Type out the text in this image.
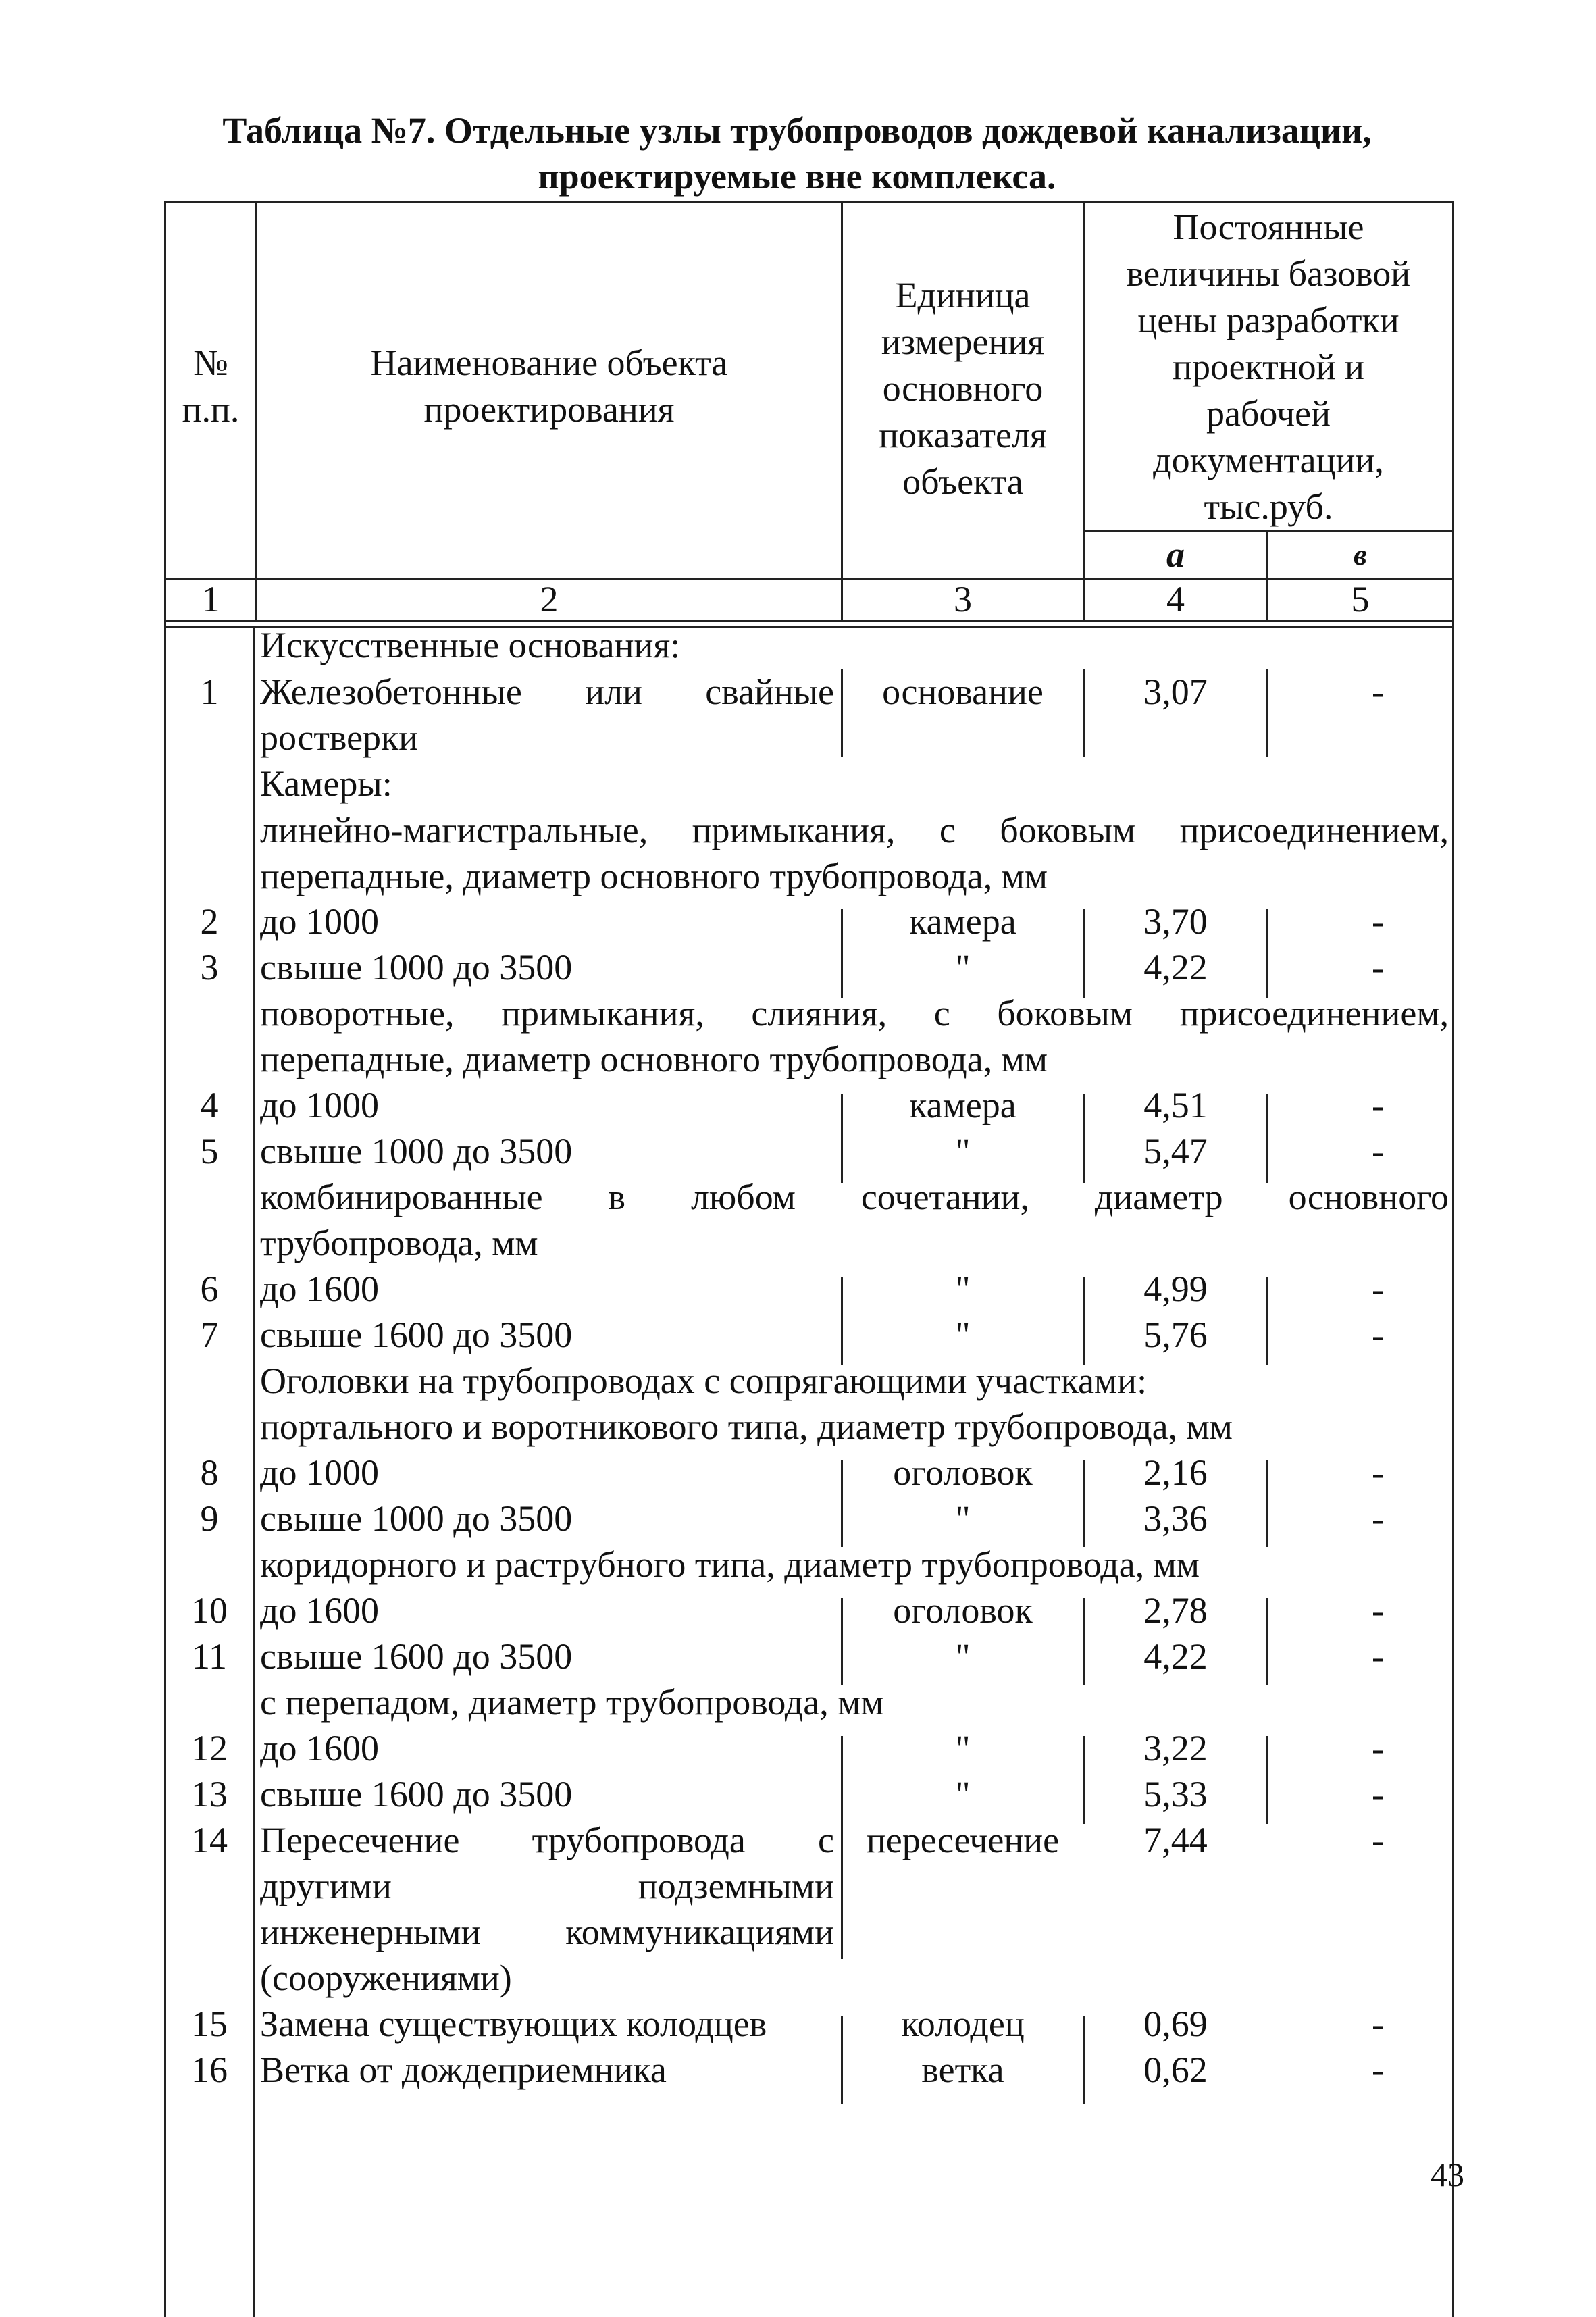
Таблица №7. Отдельные узлы трубопроводов дождевой канализации,
проектируемые вне комплекса.
№
п.п.
Наименование объекта
проектирования
Единица
измерения
основного
показателя
объекта
Постоянные
величины базовой
цены разработки
проектной и
рабочей
документации,
тыс.руб.
а	в
1	2	3	4	5
Искусственные основания:
1	Железобетонные или свайные
ростверки
основание	3,07	-
Камеры:
линейно-магистральные, примыкания, с боковым присоединением,
перепадные, диаметр основного трубопровода, мм
2	до 1000	камера	3,70	-
3	свыше 1000 до 3500	"	4,22	-
поворотные, примыкания, слияния, с боковым присоединением,
перепадные, диаметр основного трубопровода, мм
4	до 1000	камера	4,51	-
5	свыше 1000 до 3500	"	5,47	-
комбинированные в любом сочетании, диаметр основного
трубопровода, мм
6	до 1600	"	4,99	-
7	свыше 1600 до 3500	"	5,76	-
Оголовки на трубопроводах с сопрягающими участками:
портального и воротникового типа, диаметр трубопровода, мм
8	до 1000	оголовок	2,16	-
9	свыше 1000 до 3500	"	3,36	-
коридорного и раструбного типа, диаметр трубопровода, мм
10 до 1600	оголовок	2,78	-
11 свыше 1600 до 3500	"	4,22	-
с перепадом, диаметр трубопровода, мм
12 до 1600	"	3,22	-
13 свыше 1600 до 3500	"	5,33	-
14 Пересечение трубопровода с
другими подземными
инженерными коммуникациями
(сооружениями)
пересечение	7,44	-
15 Замена существующих колодцев	колодец	0,69	-
16 Ветка от дождеприемника	ветка	0,62	-
43
